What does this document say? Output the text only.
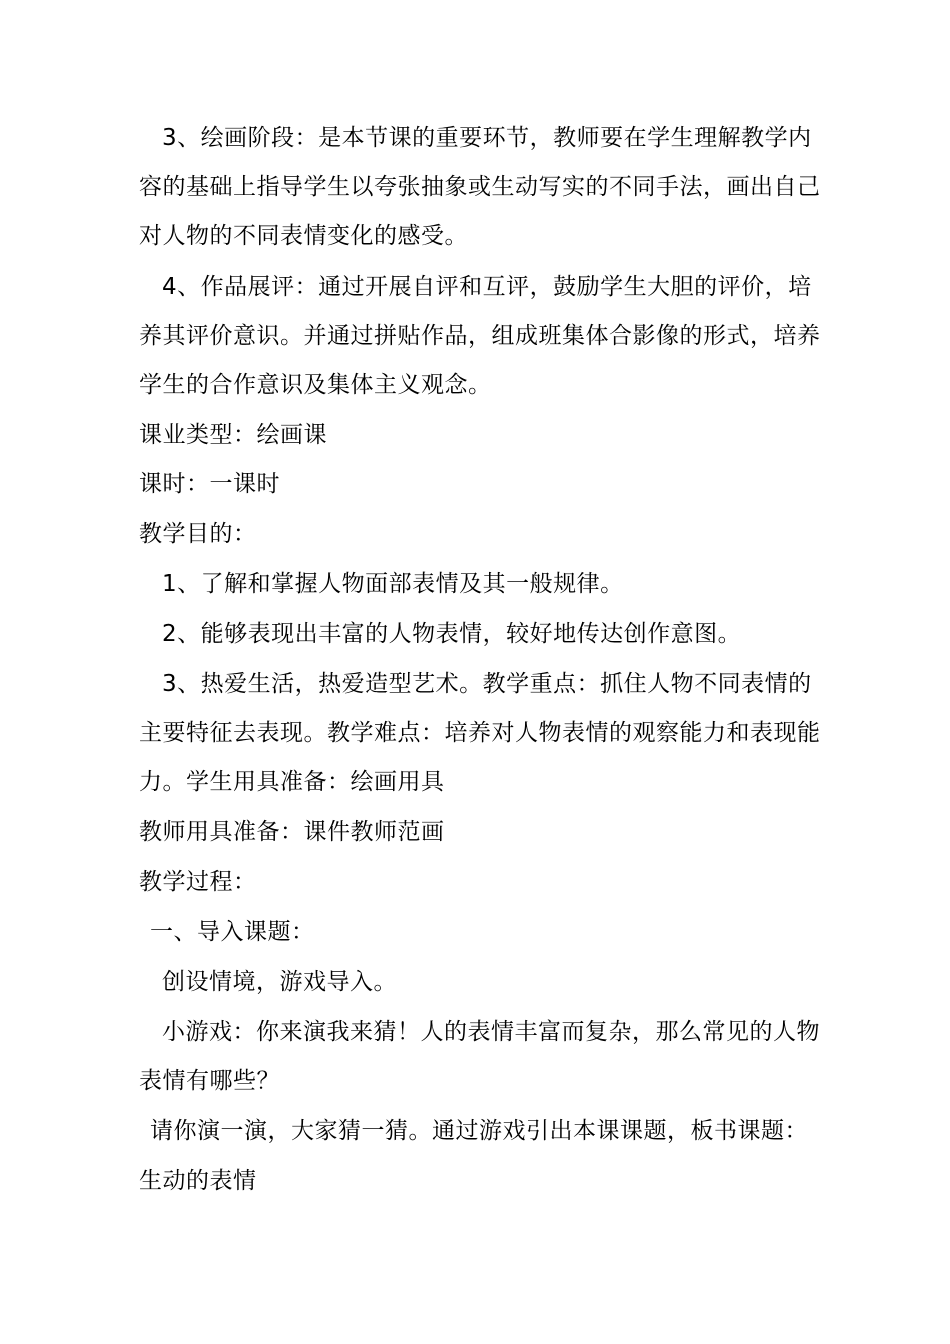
3、绘画阶段：是本节课的重要环节，教师要在学生理解教学内
容的基础上指导学生以夸张抽象或生动写实的不同手法，画出自己
对人物的不同表情变化的感受。
4、作品展评：通过开展自评和互评，鼓励学生大胆的评价，培
养其评价意识。并通过拼贴作品，组成班集体合影像的形式，培养
学生的合作意识及集体主义观念。
课业类型：绘画课
课时：一课时
教学目的：
1、了解和掌握人物面部表情及其一般规律。
2、能够表现出丰富的人物表情，较好地传达创作意图。
3、热爱生活，热爱造型艺术。教学重点：抓住人物不同表情的
主要特征去表现。教学难点：培养对人物表情的观察能力和表现能
力。学生用具准备：绘画用具
教师用具准备：课件教师范画
教学过程：
一、导入课题：
创设情境，游戏导入。
小游戏：你来演我来猜！人的表情丰富而复杂，那么常见的人物
表情有哪些？
请你演一演，大家猜一猜。通过游戏引出本课课题，板书课题：
生动的表情
